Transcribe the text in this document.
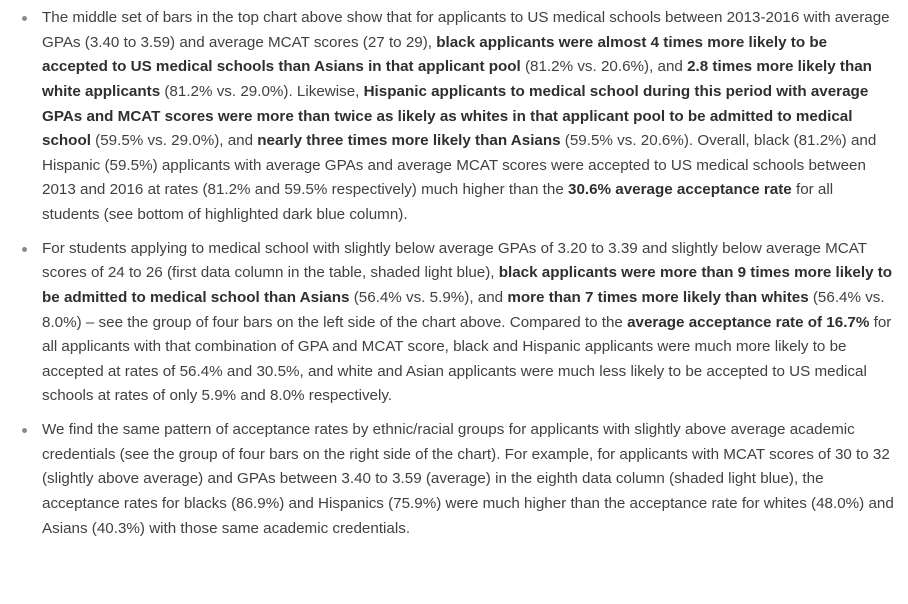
The middle set of bars in the top chart above show that for applicants to US medical schools between 2013-2016 with average GPAs (3.40 to 3.59) and average MCAT scores (27 to 29), black applicants were almost 4 times more likely to be accepted to US medical schools than Asians in that applicant pool (81.2% vs. 20.6%), and 2.8 times more likely than white applicants (81.2% vs. 29.0%). Likewise, Hispanic applicants to medical school during this period with average GPAs and MCAT scores were more than twice as likely as whites in that applicant pool to be admitted to medical school (59.5% vs. 29.0%), and nearly three times more likely than Asians (59.5% vs. 20.6%). Overall, black (81.2%) and Hispanic (59.5%) applicants with average GPAs and average MCAT scores were accepted to US medical schools between 2013 and 2016 at rates (81.2% and 59.5% respectively) much higher than the 30.6% average acceptance rate for all students (see bottom of highlighted dark blue column).

For students applying to medical school with slightly below average GPAs of 3.20 to 3.39 and slightly below average MCAT scores of 24 to 26 (first data column in the table, shaded light blue), black applicants were more than 9 times more likely to be admitted to medical school than Asians (56.4% vs. 5.9%), and more than 7 times more likely than whites (56.4% vs. 8.0%) – see the group of four bars on the left side of the chart above. Compared to the average acceptance rate of 16.7% for all applicants with that combination of GPA and MCAT score, black and Hispanic applicants were much more likely to be accepted at rates of 56.4% and 30.5%, and white and Asian applicants were much less likely to be accepted to US medical schools at rates of only 5.9% and 8.0% respectively.

We find the same pattern of acceptance rates by ethnic/racial groups for applicants with slightly above average academic credentials (see the group of four bars on the right side of the chart). For example, for applicants with MCAT scores of 30 to 32 (slightly above average) and GPAs between 3.40 to 3.59 (average) in the eighth data column (shaded light blue), the acceptance rates for blacks (86.9%) and Hispanics (75.9%) were much higher than the acceptance rate for whites (48.0%) and Asians (40.3%) with those same academic credentials.
